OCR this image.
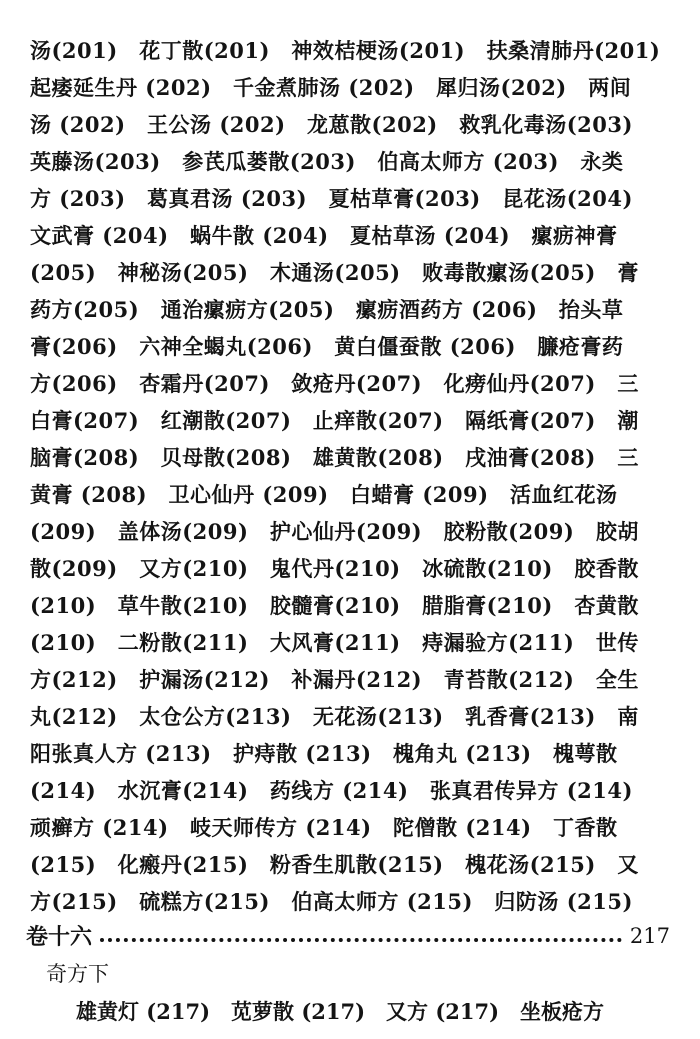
汤(201)　花丁散(201)　神效桔梗汤(201)　扶桑清肺丹(201)
起痿延生丹 (202)　千金煮肺汤 (202)　犀归汤(202)　两间
汤 (202)　王公汤 (202)　龙葸散(202)　救乳化毒汤(203)
英藤汤(203)　参芪瓜蒌散(203)　伯高太师方 (203)　永类
方 (203)　葛真君汤 (203)　夏枯草膏(203)　昆花汤(204)
文武膏 (204)　蜗牛散 (204)　夏枯草汤 (204)　瘰疬神膏
(205)　神秘汤(205)　木通汤(205)　败毒散瘰汤(205)　膏
药方(205)　通治瘰疬方(205)　瘰疬酒药方 (206)　抬头草
膏(206)　六神全蝎丸(206)　黄白僵蚕散 (206)　臁疮膏药
方(206)　杏霜丹(207)　敛疮丹(207)　化痨仙丹(207)　三
白膏(207)　红潮散(207)　止痒散(207)　隔纸膏(207)　潮
脑膏(208)　贝母散(208)　雄黄散(208)　戌油膏(208)　三
黄膏 (208)　卫心仙丹 (209)　白蜡膏 (209)　活血红花汤
(209)　盖体汤(209)　护心仙丹(209)　胶粉散(209)　胶胡
散(209)　又方(210)　鬼代丹(210)　冰硫散(210)　胶香散
(210)　草牛散(210)　胶髓膏(210)　腊脂膏(210)　杏黄散
(210)　二粉散(211)　大风膏(211)　痔漏验方(211)　世传
方(212)　护漏汤(212)　补漏丹(212)　青苔散(212)　全生
丸(212)　太仓公方(213)　无花汤(213)　乳香膏(213)　南
阳张真人方 (213)　护痔散 (213)　槐角丸 (213)　槐萼散
(214)　水沉膏(214)　药线方 (214)　张真君传异方 (214)
顽癣方 (214)　岐天师传方 (214)　陀僧散 (214)　丁香散
(215)　化瘢丹(215)　粉香生肌散(215)　槐花汤(215)　又
方(215)　硫糕方(215)　伯高太师方 (215)　归防汤 (215)
卷十六	217
奇方下
雄黄灯 (217)　苋萝散 (217)　又方 (217)　坐板疮方
